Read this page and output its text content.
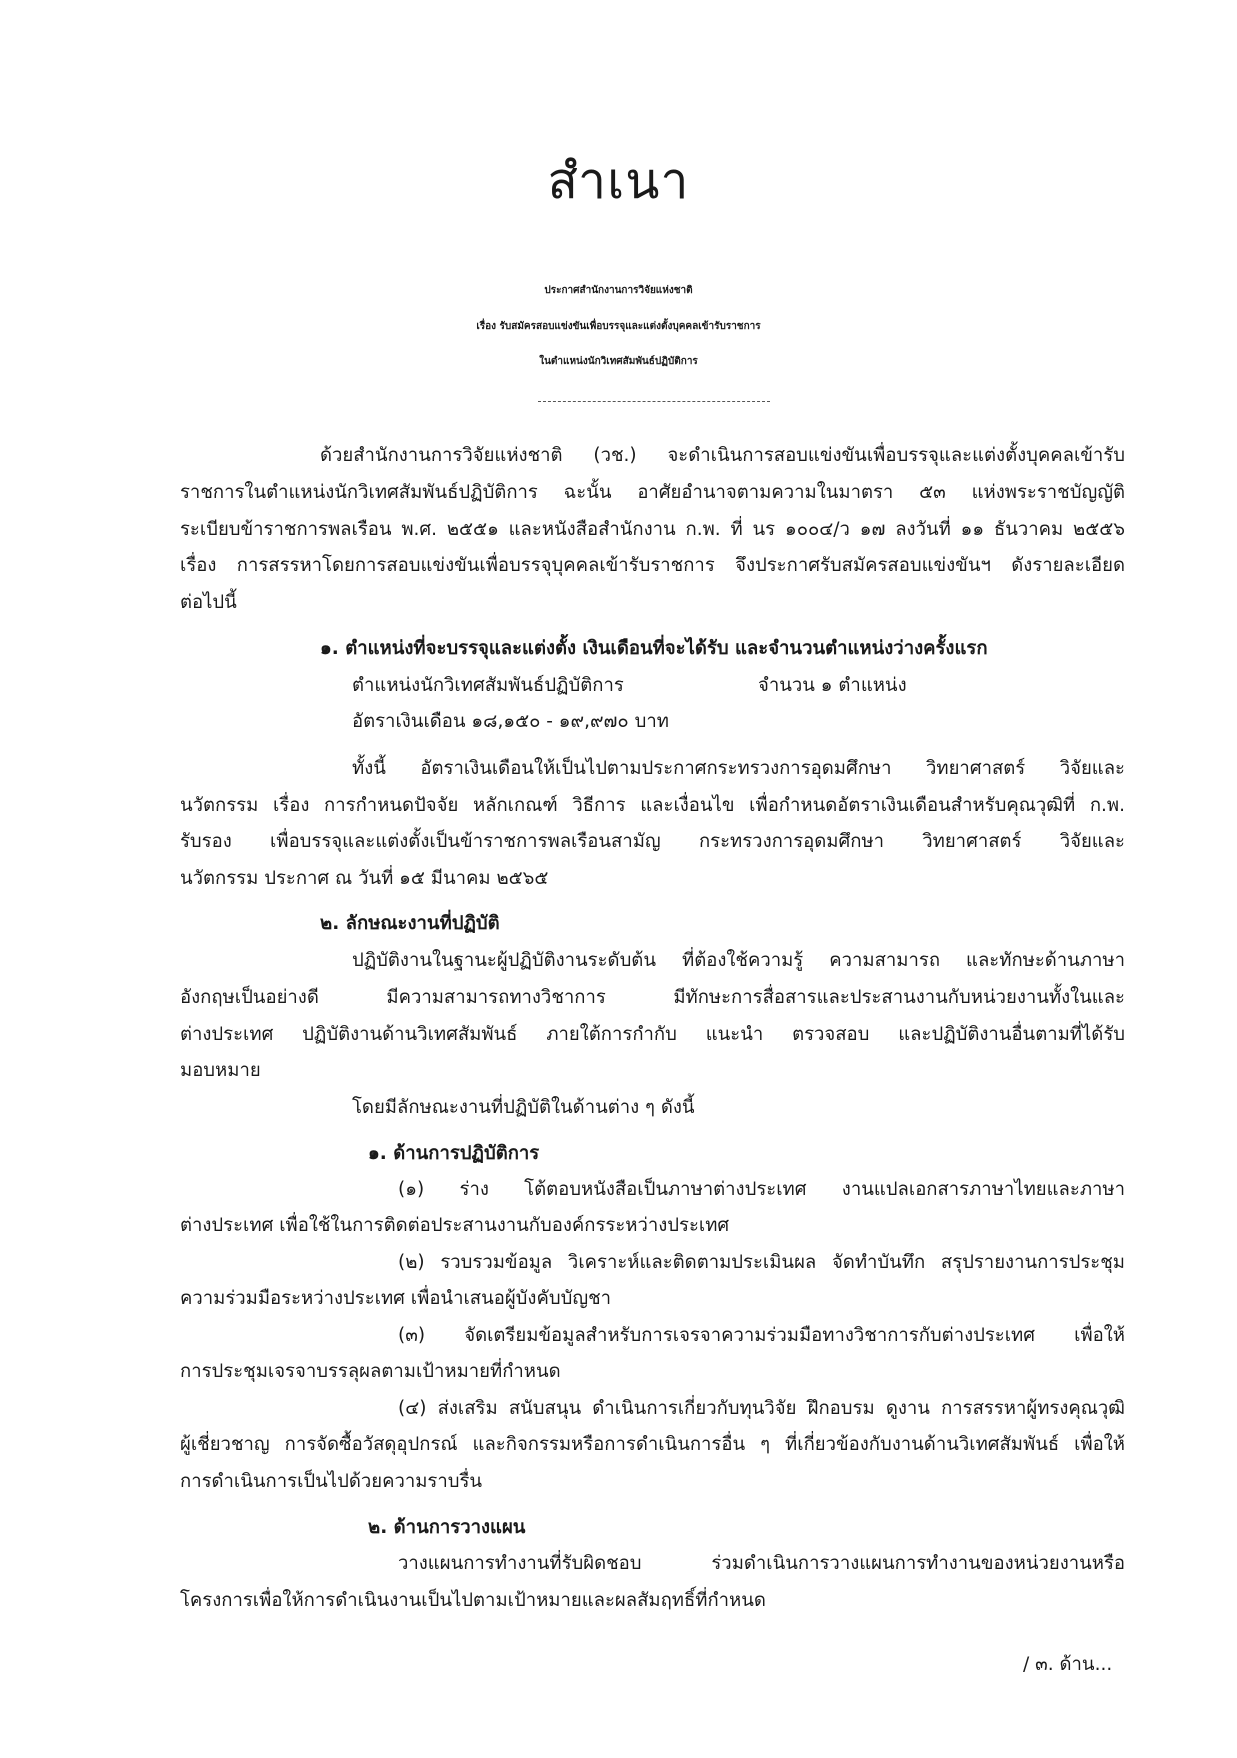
สำเนา
ประกาศสำนักงานการวิจัยแห่งชาติ
เรื่อง รับสมัครสอบแข่งขันเพื่อบรรจุและแต่งตั้งบุคคลเข้ารับราชการ
ในตำแหน่งนักวิเทศสัมพันธ์ปฏิบัติการ
ด้วยสำนักงานการวิจัยแห่งชาติ (วช.) จะดำเนินการสอบแข่งขันเพื่อบรรจุและแต่งตั้งบุคคลเข้ารับ
ราชการในตำแหน่งนักวิเทศสัมพันธ์ปฏิบัติการ ฉะนั้น อาศัยอำนาจตามความในมาตรา ๕๓ แห่งพระราชบัญญัติ
ระเบียบข้าราชการพลเรือน พ.ศ. ๒๕๕๑ และหนังสือสำนักงาน ก.พ. ที่ นร ๑๐๐๔/ว ๑๗ ลงวันที่ ๑๑ ธันวาคม ๒๕๕๖
เรื่อง การสรรหาโดยการสอบแข่งขันเพื่อบรรจุบุคคลเข้ารับราชการ จึงประกาศรับสมัครสอบแข่งขันฯ ดังรายละเอียด
ต่อไปนี้
๑. ตำแหน่งที่จะบรรจุและแต่งตั้ง เงินเดือนที่จะได้รับ และจำนวนตำแหน่งว่างครั้งแรก
ตำแหน่งนักวิเทศสัมพันธ์ปฏิบัติการ	จำนวน ๑ ตำแหน่ง
อัตราเงินเดือน ๑๘,๑๕๐ - ๑๙,๙๗๐ บาท
ทั้งนี้ อัตราเงินเดือนให้เป็นไปตามประกาศกระทรวงการอุดมศึกษา วิทยาศาสตร์ วิจัยและ
นวัตกรรม เรื่อง การกำหนดปัจจัย หลักเกณฑ์ วิธีการ และเงื่อนไข เพื่อกำหนดอัตราเงินเดือนสำหรับคุณวุฒิที่ ก.พ.
รับรอง เพื่อบรรจุและแต่งตั้งเป็นข้าราชการพลเรือนสามัญ กระทรวงการอุดมศึกษา วิทยาศาสตร์ วิจัยและ
นวัตกรรม ประกาศ ณ วันที่ ๑๕ มีนาคม ๒๕๖๕
๒. ลักษณะงานที่ปฏิบัติ
ปฏิบัติงานในฐานะผู้ปฏิบัติงานระดับต้น ที่ต้องใช้ความรู้ ความสามารถ และทักษะด้านภาษา
อังกฤษเป็นอย่างดี มีความสามารถทางวิชาการ มีทักษะการสื่อสารและประสานงานกับหน่วยงานทั้งในและ
ต่างประเทศ ปฏิบัติงานด้านวิเทศสัมพันธ์ ภายใต้การกำกับ แนะนำ ตรวจสอบ และปฏิบัติงานอื่นตามที่ได้รับ
มอบหมาย
โดยมีลักษณะงานที่ปฏิบัติในด้านต่าง ๆ ดังนี้
๑. ด้านการปฏิบัติการ
(๑) ร่าง โต้ตอบหนังสือเป็นภาษาต่างประเทศ งานแปลเอกสารภาษาไทยและภาษา
ต่างประเทศ เพื่อใช้ในการติดต่อประสานงานกับองค์กรระหว่างประเทศ
(๒) รวบรวมข้อมูล วิเคราะห์และติดตามประเมินผล จัดทำบันทึก สรุปรายงานการประชุม
ความร่วมมือระหว่างประเทศ เพื่อนำเสนอผู้บังคับบัญชา
(๓) จัดเตรียมข้อมูลสำหรับการเจรจาความร่วมมือทางวิชาการกับต่างประเทศ เพื่อให้
การประชุมเจรจาบรรลุผลตามเป้าหมายที่กำหนด
(๔) ส่งเสริม สนับสนุน ดำเนินการเกี่ยวกับทุนวิจัย ฝึกอบรม ดูงาน การสรรหาผู้ทรงคุณวุฒิ
ผู้เชี่ยวชาญ การจัดซื้อวัสดุอุปกรณ์ และกิจกรรมหรือการดำเนินการอื่น ๆ ที่เกี่ยวข้องกับงานด้านวิเทศสัมพันธ์ เพื่อให้
การดำเนินการเป็นไปด้วยความราบรื่น
๒. ด้านการวางแผน
วางแผนการทำงานที่รับผิดชอบ ร่วมดำเนินการวางแผนการทำงานของหน่วยงานหรือ
โครงการเพื่อให้การดำเนินงานเป็นไปตามเป้าหมายและผลสัมฤทธิ์ที่กำหนด
/ ๓. ด้าน...
